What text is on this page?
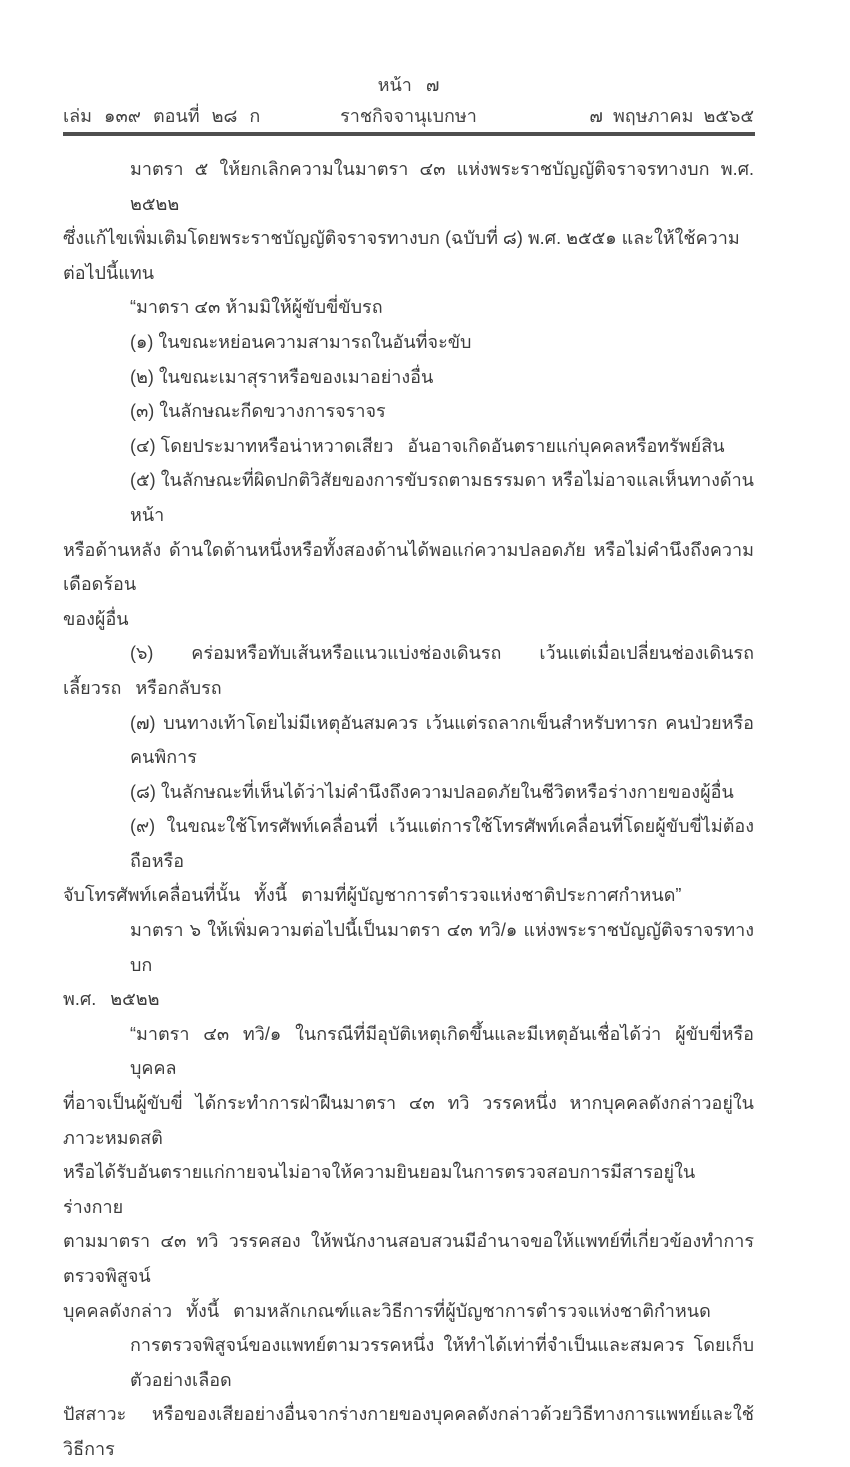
หน้า ๗
เล่ม ๑๓๙ ตอนที่ ๒๘ ก	ราชกิจจานุเบกษา	๗ พฤษภาคม ๒๕๖๕
มาตรา ๕ ให้ยกเลิกความในมาตรา ๔๓ แห่งพระราชบัญญัติจราจรทางบก พ.ศ. ๒๕๒๒
ซึ่งแก้ไขเพิ่มเติมโดยพระราชบัญญัติจราจรทางบก (ฉบับที่ ๘) พ.ศ. ๒๕๕๑ และให้ใช้ความต่อไปนี้แทน
“มาตรา ๔๓ ห้ามมิให้ผู้ขับขี่ขับรถ
(๑) ในขณะหย่อนความสามารถในอันที่จะขับ
(๒) ในขณะเมาสุราหรือของเมาอย่างอื่น
(๓) ในลักษณะกีดขวางการจราจร
(๔) โดยประมาทหรือน่าหวาดเสียว  อันอาจเกิดอันตรายแก่บุคคลหรือทรัพย์สิน
(๕) ในลักษณะที่ผิดปกติวิสัยของการขับรถตามธรรมดา หรือไม่อาจแลเห็นทางด้านหน้า
หรือด้านหลัง ด้านใดด้านหนึ่งหรือทั้งสองด้านได้พอแก่ความปลอดภัย หรือไม่คำนึงถึงความเดือดร้อน
ของผู้อื่น
(๖) คร่อมหรือทับเส้นหรือแนวแบ่งช่องเดินรถ เว้นแต่เมื่อเปลี่ยนช่องเดินรถ
เลี้ยวรถ  หรือกลับรถ
(๗) บนทางเท้าโดยไม่มีเหตุอันสมควร เว้นแต่รถลากเข็นสำหรับทารก คนป่วยหรือคนพิการ
(๘) ในลักษณะที่เห็นได้ว่าไม่คำนึงถึงความปลอดภัยในชีวิตหรือร่างกายของผู้อื่น
(๙) ในขณะใช้โทรศัพท์เคลื่อนที่ เว้นแต่การใช้โทรศัพท์เคลื่อนที่โดยผู้ขับขี่ไม่ต้องถือหรือ
จับโทรศัพท์เคลื่อนที่นั้น  ทั้งนี้  ตามที่ผู้บัญชาการตำรวจแห่งชาติประกาศกำหนด”
มาตรา ๖ ให้เพิ่มความต่อไปนี้เป็นมาตรา ๔๓ ทวิ/๑ แห่งพระราชบัญญัติจราจรทางบก
พ.ศ.  ๒๕๒๒
“มาตรา ๔๓ ทวิ/๑ ในกรณีที่มีอุบัติเหตุเกิดขึ้นและมีเหตุอันเชื่อได้ว่า ผู้ขับขี่หรือบุคคล
ที่อาจเป็นผู้ขับขี่ ได้กระทำการฝ่าฝืนมาตรา ๔๓ ทวิ วรรคหนึ่ง หากบุคคลดังกล่าวอยู่ในภาวะหมดสติ
หรือได้รับอันตรายแก่กายจนไม่อาจให้ความยินยอมในการตรวจสอบการมีสารอยู่ในร่างกาย
ตามมาตรา ๔๓ ทวิ วรรคสอง ให้พนักงานสอบสวนมีอำนาจขอให้แพทย์ที่เกี่ยวข้องทำการตรวจพิสูจน์
บุคคลดังกล่าว  ทั้งนี้  ตามหลักเกณฑ์และวิธีการที่ผู้บัญชาการตำรวจแห่งชาติกำหนด
การตรวจพิสูจน์ของแพทย์ตามวรรคหนึ่ง ให้ทำได้เท่าที่จำเป็นและสมควร โดยเก็บตัวอย่างเลือด
ปัสสาวะ หรือของเสียอย่างอื่นจากร่างกายของบุคคลดังกล่าวด้วยวิธีทางการแพทย์และใช้วิธีการ
